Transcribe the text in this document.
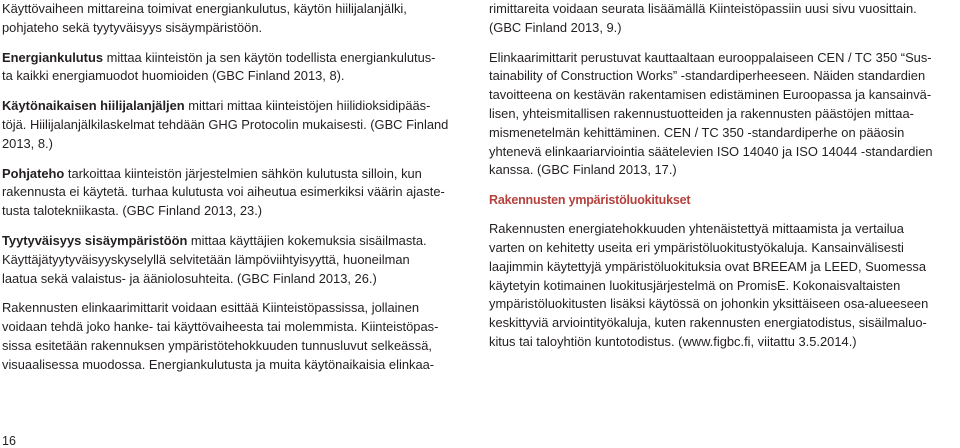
Käyttövaiheen mittareina toimivat energiankulutus, käytön hiilijalanjälki,
pohjateho sekä tyytyväisyys sisäympäristöön.

Energiankulutus mittaa kiinteistön ja sen käytön todellista energiankulutus-
ta kaikki energiamuodot huomioiden (GBC Finland 2013, 8).

Käytönaikaisen hiilijalanjäljen mittari mittaa kiinteistöjen hiilidioksidipääs-
töjä. Hiilijalanjälkilaskelmat tehdään GHG Protocolin mukaisesti. (GBC Finland
2013, 8.)

Pohjateho tarkoittaa kiinteistön järjestelmien sähkön kulutusta silloin, kun
rakennusta ei käytetä. turhaa kulutusta voi aiheutua esimerkiksi väärin ajaste-
tusta talotekniikasta. (GBC Finland 2013, 23.)

Tyytyväisyys sisäympäristöön mittaa käyttäjien kokemuksia sisäilmasta.
Käyttäjätyytyväisyyskyselyllä selvitetään lämpöviihtyisyyttä, huoneilman
laatua sekä valaistus- ja ääniolosuhteita. (GBC Finland 2013, 26.)

Rakennusten elinkaarimittarit voidaan esittää Kiinteistöpassissa, jollainen
voidaan tehdä joko hanke- tai käyttövaiheesta tai molemmista. Kiinteistöpas-
sissa esitetään rakennuksen ympäristötehokkuuden tunnusluvut selkeässä,
visuaalisessa muodossa. Energiankulutusta ja muita käytönaikaisia elinkaa-

rimittareita voidaan seurata lisäämällä Kiinteistöpassiin uusi sivu vuosittain.
(GBC Finland 2013, 9.)

Elinkaarimittarit perustuvat kauttaaltaan eurooppalaiseen CEN / TC 350 “Sus-
tainability of Construction Works” -standardiperheeseen. Näiden standardien
tavoitteena on kestävän rakentamisen edistäminen Euroopassa ja kansainvä-
lisen, yhteismitallisen rakennustuotteiden ja rakennusten päästöjen mittaa-
mismenetelmän kehittäminen. CEN / TC 350 -standardiperhe on pääosin
yhtenevä elinkaariarviointia säätelevien ISO 14040 ja ISO 14044 -standardien
kanssa. (GBC Finland 2013, 17.)

Rakennusten ympäristöluokitukset

Rakennusten energiatehokkuuden yhtenäistettyä mittaamista ja vertailua
varten on kehitetty useita eri ympäristöluokitustyökaluja. Kansainvälisesti
laajimmin käytettyjä ympäristöluokituksia ovat BREEAM ja LEED, Suomessa
käytetyin kotimainen luokitusjärjestelmä on PromisE. Kokonaisvaltaisten
ympäristöluokitusten lisäksi käytössä on johonkin yksittäiseen osa-alueeseen
keskittyviä arviointityökaluja, kuten rakennusten energiatodistus, sisäilmaluo-
kitus tai taloyhtiön kuntotodistus. (www.figbc.fi, viitattu 3.5.2014.)

16
